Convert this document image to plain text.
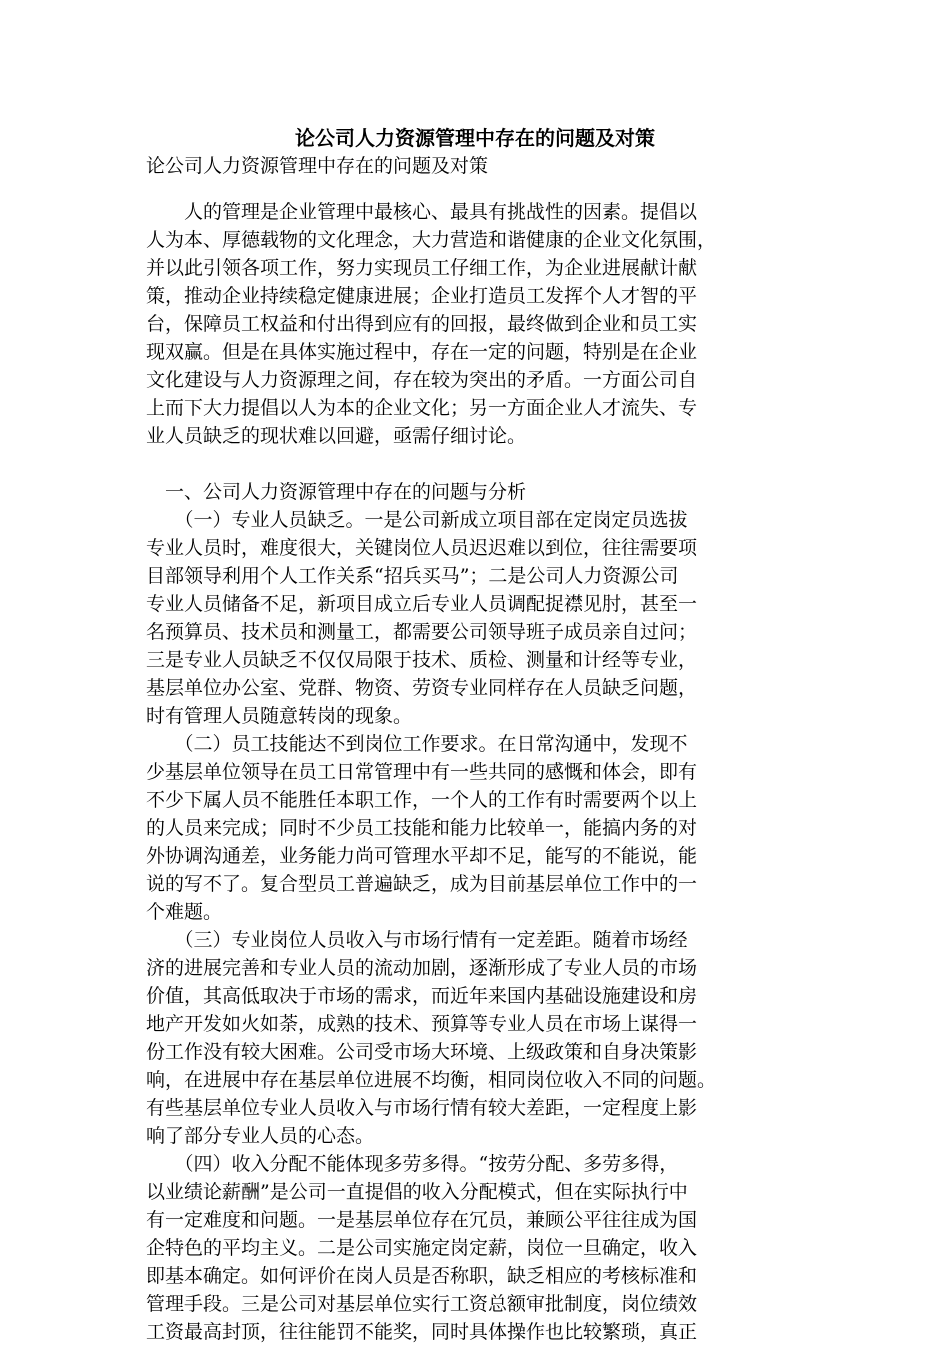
论公司人力资源管理中存在的问题及对策
论公司人力资源管理中存在的问题及对策
　　人的管理是企业管理中最核心、最具有挑战性的因素。提倡以
人为本、厚德载物的文化理念，大力营造和谐健康的企业文化氛围，
并以此引领各项工作，努力实现员工仔细工作，为企业进展献计献
策，推动企业持续稳定健康进展；企业打造员工发挥个人才智的平
台，保障员工权益和付出得到应有的回报，最终做到企业和员工实
现双赢。但是在具体实施过程中，存在一定的问题，特别是在企业
文化建设与人力资源理之间，存在较为突出的矛盾。一方面公司自
上而下大力提倡以人为本的企业文化；另一方面企业人才流失、专
业人员缺乏的现状难以回避，亟需仔细讨论。
　一、公司人力资源管理中存在的问题与分析
　　（一）专业人员缺乏。一是公司新成立项目部在定岗定员选拔
专业人员时，难度很大，关键岗位人员迟迟难以到位，往往需要项
目部领导利用个人工作关系“招兵买马”；二是公司人力资源公司
专业人员储备不足，新项目成立后专业人员调配捉襟见肘，甚至一
名预算员、技术员和测量工，都需要公司领导班子成员亲自过问；
三是专业人员缺乏不仅仅局限于技术、质检、测量和计经等专业，
基层单位办公室、党群、物资、劳资专业同样存在人员缺乏问题，
时有管理人员随意转岗的现象。
　　（二）员工技能达不到岗位工作要求。在日常沟通中，发现不
少基层单位领导在员工日常管理中有一些共同的感慨和体会，即有
不少下属人员不能胜任本职工作，一个人的工作有时需要两个以上
的人员来完成；同时不少员工技能和能力比较单一，能搞内务的对
外协调沟通差，业务能力尚可管理水平却不足，能写的不能说，能
说的写不了。复合型员工普遍缺乏，成为目前基层单位工作中的一
个难题。
　　（三）专业岗位人员收入与市场行情有一定差距。随着市场经
济的进展完善和专业人员的流动加剧，逐渐形成了专业人员的市场
价值，其高低取决于市场的需求，而近年来国内基础设施建设和房
地产开发如火如荼，成熟的技术、预算等专业人员在市场上谋得一
份工作没有较大困难。公司受市场大环境、上级政策和自身决策影
响，在进展中存在基层单位进展不均衡，相同岗位收入不同的问题。
有些基层单位专业人员收入与市场行情有较大差距，一定程度上影
响了部分专业人员的心态。
　　（四）收入分配不能体现多劳多得。“按劳分配、多劳多得，
以业绩论薪酬”是公司一直提倡的收入分配模式，但在实际执行中
有一定难度和问题。一是基层单位存在冗员，兼顾公平往往成为国
企特色的平均主义。二是公司实施定岗定薪，岗位一旦确定，收入
即基本确定。如何评价在岗人员是否称职，缺乏相应的考核标准和
管理手段。三是公司对基层单位实行工资总额审批制度，岗位绩效
工资最高封顶，往往能罚不能奖，同时具体操作也比较繁琐，真正
